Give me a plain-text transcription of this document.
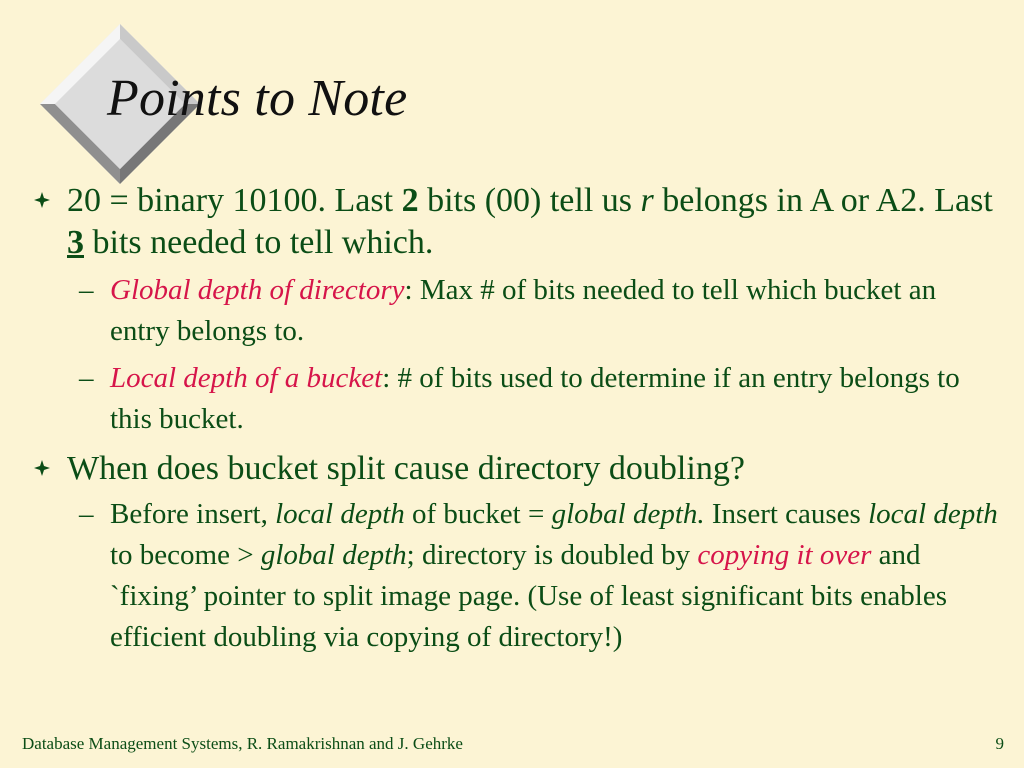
Points to Note

20 = binary 10100. Last 2 bits (00) tell us r belongs in A or A2. Last 3 bits needed to tell which.

– Global depth of directory: Max # of bits needed to tell which bucket an entry belongs to.

– Local depth of a bucket: # of bits used to determine if an entry belongs to this bucket.

When does bucket split cause directory doubling?

– Before insert, local depth of bucket = global depth. Insert causes local depth to become > global depth; directory is doubled by copying it over and `fixing’ pointer to split image page. (Use of least significant bits enables efficient doubling via copying of directory!)

Database Management Systems, R. Ramakrishnan and J. Gehrke	9
